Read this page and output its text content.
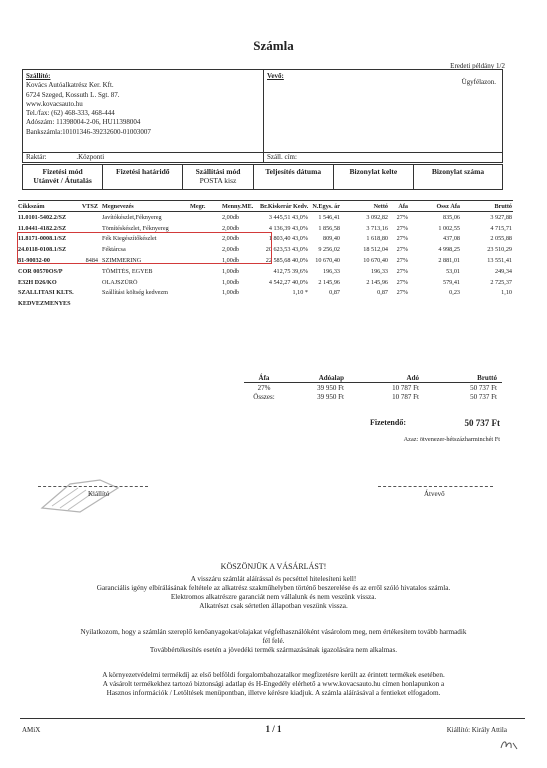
Számla
Eredeti példány 1/2
Szállító:
Kovács Autóalkatrész Ker. Kft.
6724 Szeged, Kossuth L. Sgt. 87.
www.kovacsauto.hu
Tel./fax: (62) 468-333, 468-444
Adószám: 11398004-2-06, HU11398004
Bankszámla:10101346-39232600-01003007
Raktár:	.Központi
Vevő:
Ügyfélazon.
Száll. cím:
Fizetési mód
Utánvét / Átutalás
Fizetési határidő	Szállítási mód
POSTA kisz
Teljesítés dátuma	Bizonylat kelte	Bizonylat száma
Cikkszám	VTSZ Megnevezés	Megr.	Menny.ME.	Br.Kiskerár Kedv. N.Egys. ár	Nettó	Áfa	Össz Áfa	Bruttó
11.0101-5402.2/SZ	Javítókészlet,Féknyereg	2,00db	3 445,51 43,0%	1 546,41	3 092,82	27%	835,06	3 927,88
11.0441-4182.2/SZ	Tömítéskészlet, Féknyereg	2,00db	4 136,39 43,0%	1 856,58	3 713,16	27%	1 002,55	4 715,71
11.8171-0008.1/SZ	Fék Kiegészítőkészlet	2,00db	1 803,40 43,0%	809,40	1 618,80	27%	437,08	2 055,88
24.0118-0108.1/SZ	Féktárcsa	2,00db	20 623,53 43,0%	9 256,02	18 512,04	27%	4 998,25	23 510,29
81-90032-00	8484 SZIMMERING	1,00db	22 585,68 40,0%	10 670,40	10 670,40	27%	2 881,01	13 551,41
COR 00570OS/P	TÖMÍTÉS, EGYEB	1,00db	412,75 39,6%	196,33	196,33	27%	53,01	249,34
E32H D26/KO	OLAJSZŰRŐ	1,00db	4 542,27 40,0%	2 145,96	2 145,96	27%	579,41	2 725,37
SZALLITASI KLTS.	Szállítási költség kedvezm	1,00db	1,10 *	0,87	0,87	27%	0,23	1,10
KEDVEZMENYES
Áfa	Adóalap	Adó	Bruttó
27%	39 950 Ft	10 787 Ft	50 737 Ft
Összes:	39 950 Ft	10 787 Ft	50 737 Ft
Fizetendő:	50 737 Ft
Azaz: ötvenezer-hétszázharminchét Ft
Kiállító	Átvevő
KÖSZÖNJÜK A VÁSÁRLÁST!
A visszáru számlát aláírással és pecséttel hitelesíteni kell!
Garanciális igény elbírálásának feltétele az alkatrész szakműhelyben történő beszerelése és az erről szóló hivatalos számla.
Elektromos alkatrészre garanciát nem vállalunk és nem veszünk vissza.
Alkatrészt csak sértetlen állapotban veszünk vissza.
Nyilatkozom, hogy a számlán szereplő kenőanyagokat/olajakat végfelhasználóként vásárolom meg, nem értékesítem tovább harmadik
fél felé.
Továbbértékesítés esetén a jövedéki termék származásának igazolására nem alkalmas.
A környezetvédelmi termékdíj az első belföldi forgalombahozatalkor megfizetésre került az érintett termékek esetében.
A vásárolt termékekhez tartozó biztonsági adatlap és H-Engedély elérhető a www.kovacsauto.hu címen honlapunkon a
Hasznos információk / Letöltések menüpontban, illetve kérésre kiadjuk. A számla aláírásával a fentieket elfogadom.
AMiX	1 / 1	Kiállító: Király Attila
